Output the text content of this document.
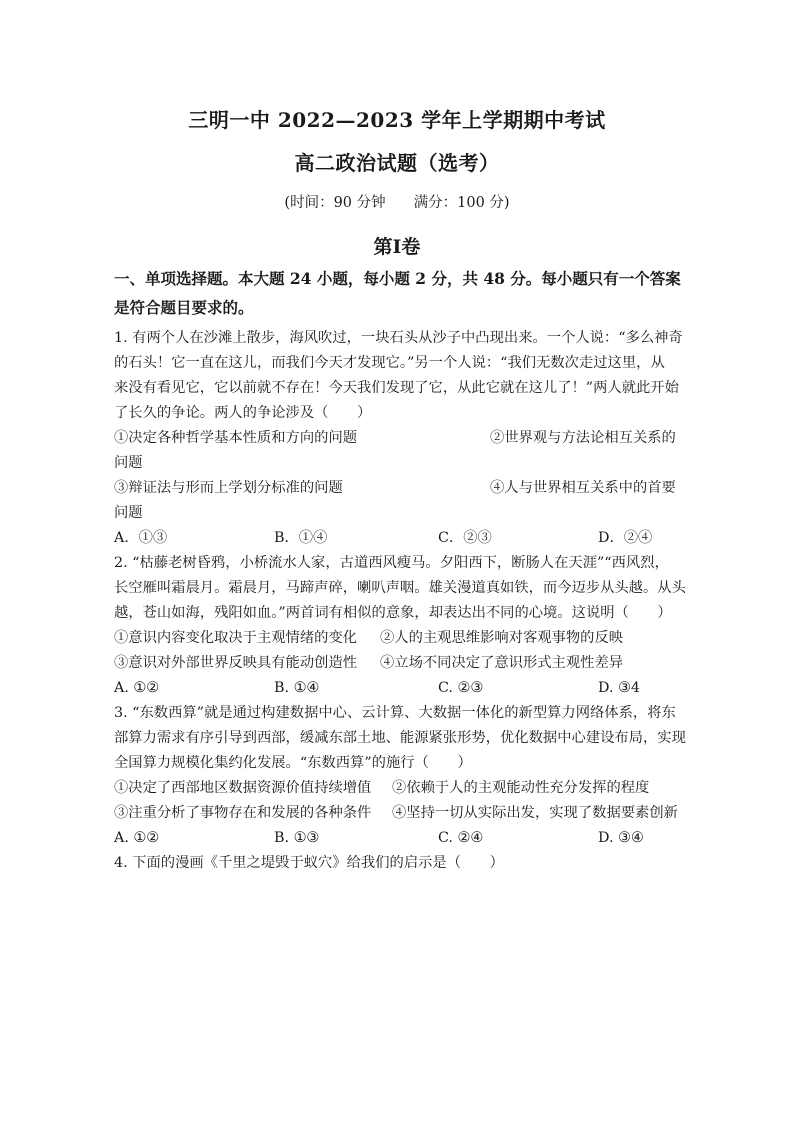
三明一中 2022—2023 学年上学期期中考试
高二政治试题（选考）
(时间：90 分钟 满分：100 分)
第Ⅰ卷
一、单项选择题。本大题 24 小题，每小题 2 分，共 48 分。每小题只有一个答案
是符合题目要求的。
1. 有两个人在沙滩上散步，海风吹过，一块石头从沙子中凸现出来。一个人说：“多么神奇
的石头！它一直在这儿，而我们今天才发现它。”另一个人说：“我们无数次走过这里，从
来没有看见它，它以前就不存在！今天我们发现了它，从此它就在这儿了！”两人就此开始
了长久的争论。两人的争论涉及（　　）
①决定各种哲学基本性质和方向的问题	②世界观与方法论相互关系的
问题
③辩证法与形而上学划分标准的问题	④人与世界相互关系中的首要
问题
A．①③	B．①④	C．②③	D．②④
2. “枯藤老树昏鸦，小桥流水人家，古道西风瘦马。夕阳西下，断肠人在天涯”“西风烈，
长空雁叫霜晨月。霜晨月，马蹄声碎，喇叭声咽。雄关漫道真如铁，而今迈步从头越。从头
越，苍山如海，残阳如血。”两首词有相似的意象，却表达出不同的心境。这说明（　　）
①意识内容变化取决于主观情绪的变化 ②人的主观思维影响对客观事物的反映
③意识对外部世界反映具有能动创造性 ④立场不同决定了意识形式主观性差异
A. ①②	B. ①④	C. ②③	D. ③4
3. “东数西算”就是通过构建数据中心、云计算、大数据一体化的新型算力网络体系，将东
部算力需求有序引导到西部，缓减东部土地、能源紧张形势，优化数据中心建设布局，实现
全国算力规模化集约化发展。“东数西算”的施行（　　）
①决定了西部地区数据资源价值持续增值 ②依赖于人的主观能动性充分发挥的程度
③注重分析了事物存在和发展的各种条件 ④坚持一切从实际出发，实现了数据要素创新
A. ①②	B. ①③	C. ②④	D. ③④
4. 下面的漫画《千里之堤毁于蚁穴》给我们的启示是（　　）
